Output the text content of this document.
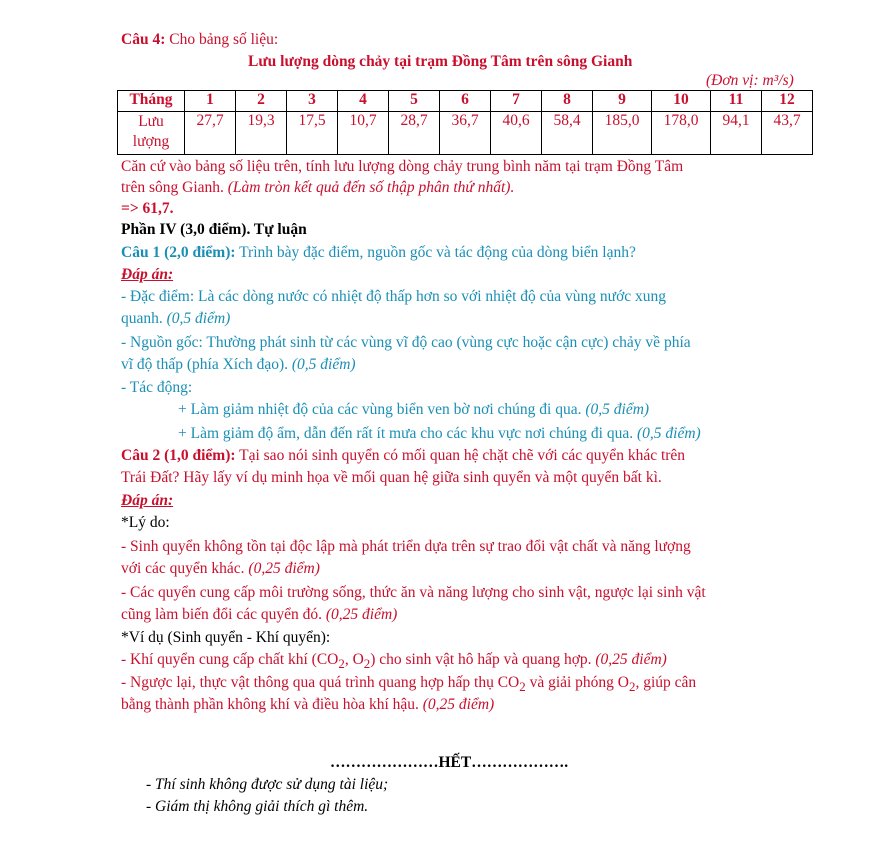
Câu 4: Cho bảng số liệu:
Lưu lượng dòng chảy tại trạm Đồng Tâm trên sông Gianh
(Đơn vị: m³/s)
Tháng	1	2	3	4	5	6	7	8	9	10	11	12
Lưu
lượng	27,7	19,3	17,5	10,7	28,7	36,7	40,6	58,4	185,0	178,0	94,1	43,7
Căn cứ vào bảng số liệu trên, tính lưu lượng dòng chảy trung bình năm tại trạm Đồng Tâm
trên sông Gianh. (Làm tròn kết quả đến số thập phân thứ nhất).
=> 61,7.
Phần IV (3,0 điểm). Tự luận
Câu 1 (2,0 điểm): Trình bày đặc điểm, nguồn gốc và tác động của dòng biển lạnh?
Đáp án:
- Đặc điểm: Là các dòng nước có nhiệt độ thấp hơn so với nhiệt độ của vùng nước xung
quanh. (0,5 điểm)
- Nguồn gốc: Thường phát sinh từ các vùng vĩ độ cao (vùng cực hoặc cận cực) chảy về phía
vĩ độ thấp (phía Xích đạo). (0,5 điểm)
- Tác động:
+ Làm giảm nhiệt độ của các vùng biển ven bờ nơi chúng đi qua. (0,5 điểm)
+ Làm giảm độ ẩm, dẫn đến rất ít mưa cho các khu vực nơi chúng đi qua. (0,5 điểm)
Câu 2 (1,0 điểm): Tại sao nói sinh quyển có mối quan hệ chặt chẽ với các quyển khác trên
Trái Đất? Hãy lấy ví dụ minh họa về mối quan hệ giữa sinh quyển và một quyển bất kì.
Đáp án:
*Lý do:
- Sinh quyển không tồn tại độc lập mà phát triển dựa trên sự trao đổi vật chất và năng lượng
với các quyển khác. (0,25 điểm)
- Các quyển cung cấp môi trường sống, thức ăn và năng lượng cho sinh vật, ngược lại sinh vật
cũng làm biến đổi các quyển đó. (0,25 điểm)
*Ví dụ (Sinh quyển - Khí quyển):
- Khí quyển cung cấp chất khí ($CO_2$, $O_2$) cho sinh vật hô hấp và quang hợp. (0,25 điểm)
- Ngược lại, thực vật thông qua quá trình quang hợp hấp thụ $CO_2$ và giải phóng $O_2$, giúp cân
bằng thành phần không khí và điều hòa khí hậu. (0,25 điểm)
…………………HẾT……………….
- Thí sinh không được sử dụng tài liệu;
- Giám thị không giải thích gì thêm.
